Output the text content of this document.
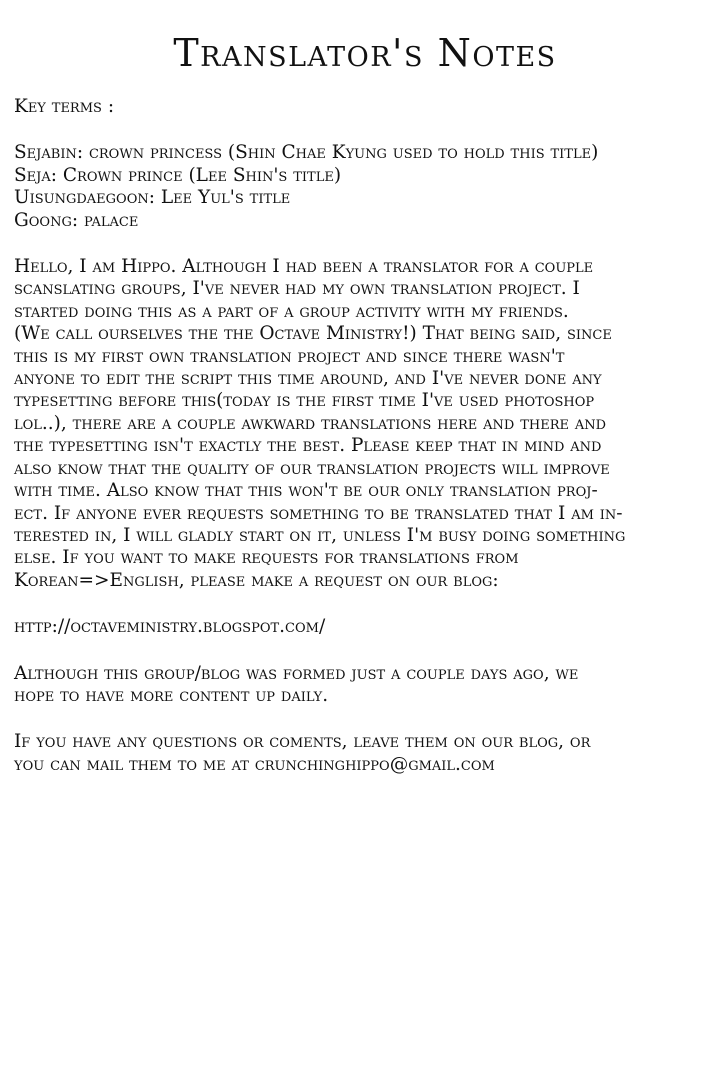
Translator's Notes
Key terms :
Sejabin: crown princess (Shin Chae Kyung used to hold this title)
Seja: Crown prince (Lee Shin's title)
Uisungdaegoon: Lee Yul's title
Goong: palace
Hello, I am Hippo. Although I had been a translator for a couple
scanslating groups, I've never had my own translation project. I
started doing this as a part of a group activity with my friends.
(We call ourselves the the Octave Ministry!) That being said, since
this is my first own translation project and since there wasn't
anyone to edit the script this time around, and I've never done any
typesetting before this(today is the first time I've used photoshop
lol..), there are a couple awkward translations here and there and
the typesetting isn't exactly the best. Please keep that in mind and
also know that the quality of our translation projects will improve
with time. Also know that this won't be our only translation proj-
ect. If anyone ever requests something to be translated that I am in-
terested in, I will gladly start on it, unless I'm busy doing something
else. If you want to make requests for translations from
Korean=>English, please make a request on our blog:
http://octaveministry.blogspot.com/
Although this group/blog was formed just a couple days ago, we
hope to have more content up daily.
If you have any questions or coments, leave them on our blog, or
you can mail them to me at crunchinghippo@gmail.com
